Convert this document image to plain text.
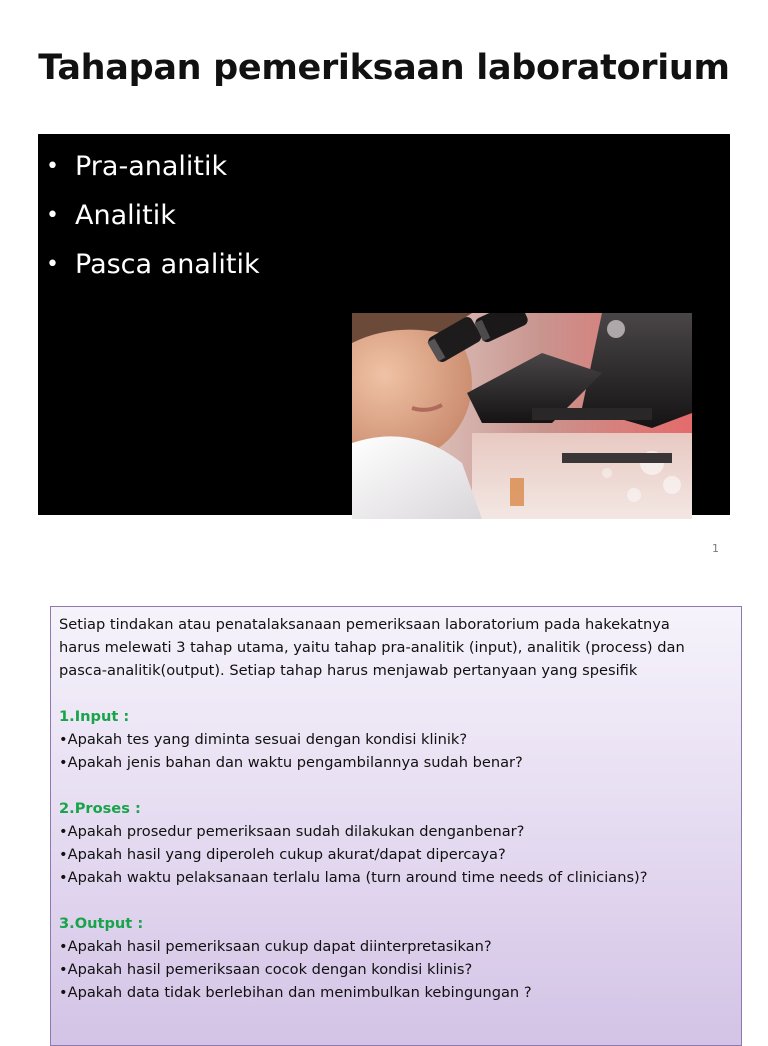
Tahapan pemeriksaan laboratorium
• Pra-analitik
• Analitik
• Pasca analitik
1

Setiap tindakan atau penatalaksanaan pemeriksaan laboratorium pada hakekatnya

harus melewati 3 tahap utama, yaitu tahap pra-analitik (input), analitik (process) dan

pasca-analitik(output). Setiap tahap harus menjawab pertanyaan yang spesifik

1.Input :

•Apakah tes yang diminta sesuai dengan kondisi klinik?

•Apakah jenis bahan dan waktu pengambilannya sudah benar?

2.Proses :

•Apakah prosedur pemeriksaan sudah dilakukan denganbenar?

•Apakah hasil yang diperoleh cukup akurat/dapat dipercaya?

•Apakah waktu pelaksanaan terlalu lama (turn around time needs of clinicians)?

3.Output :

•Apakah hasil pemeriksaan cukup dapat diinterpretasikan?

•Apakah hasil pemeriksaan cocok dengan kondisi klinis?

•Apakah data tidak berlebihan dan menimbulkan kebingungan ?
